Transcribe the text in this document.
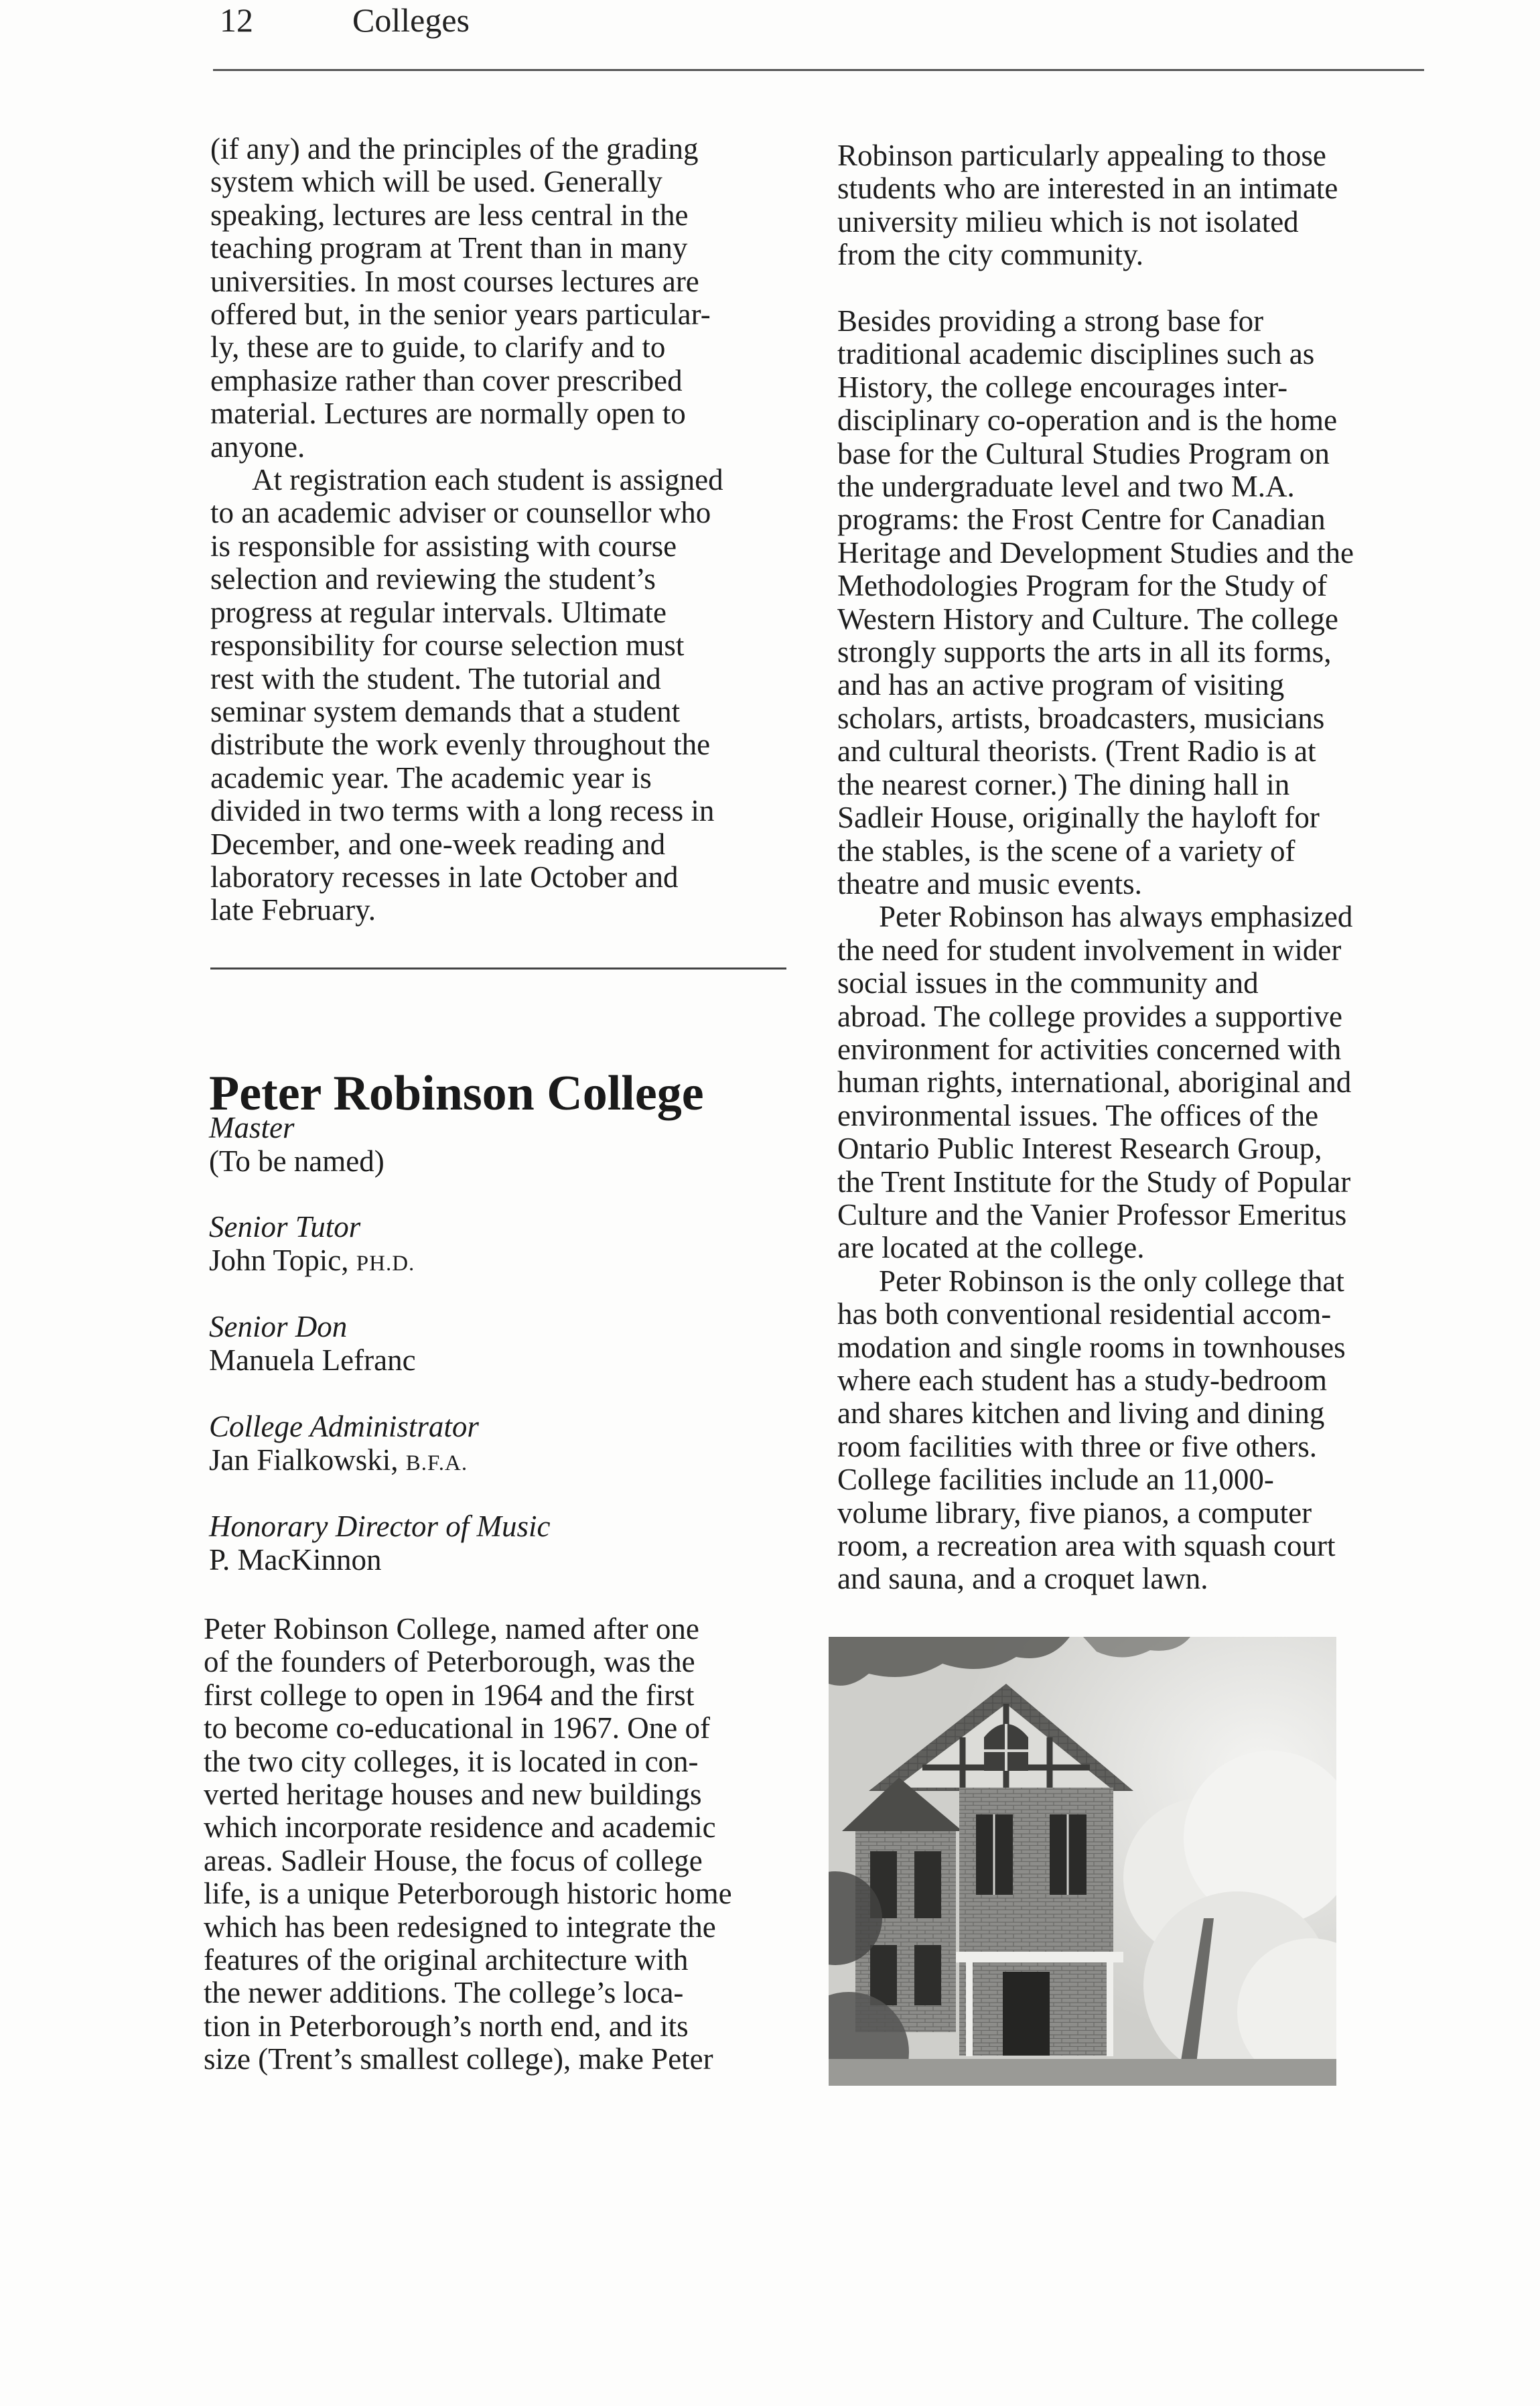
12	Colleges
(if any) and the principles of the grading
system which will be used. Generally
speaking, lectures are less central in the
teaching program at Trent than in many
universities. In most courses lectures are
offered but, in the senior years particular-
ly, these are to guide, to clarify and to
emphasize rather than cover prescribed
material. Lectures are normally open to
anyone.
At registration each student is assigned
to an academic adviser or counsellor who
is responsible for assisting with course
selection and reviewing the student’s
progress at regular intervals. Ultimate
responsibility for course selection must
rest with the student. The tutorial and
seminar system demands that a student
distribute the work evenly throughout the
academic year. The academic year is
divided in two terms with a long recess in
December, and one-week reading and
laboratory recesses in late October and
late February.
Peter Robinson College
Master
(To be named)
Senior Tutor
John Topic, PH.D.
Senior Don
Manuela Lefranc
College Administrator
Jan Fialkowski, B.F.A.
Honorary Director of Music
P. MacKinnon
Peter Robinson College, named after one
of the founders of Peterborough, was the
first college to open in 1964 and the first
to become co-educational in 1967. One of
the two city colleges, it is located in con-
verted heritage houses and new buildings
which incorporate residence and academic
areas. Sadleir House, the focus of college
life, is a unique Peterborough historic home
which has been redesigned to integrate the
features of the original architecture with
the newer additions. The college’s loca-
tion in Peterborough’s north end, and its
size (Trent’s smallest college), make Peter
Robinson particularly appealing to those
students who are interested in an intimate
university milieu which is not isolated
from the city community.
Besides providing a strong base for
traditional academic disciplines such as
History, the college encourages inter-
disciplinary co-operation and is the home
base for the Cultural Studies Program on
the undergraduate level and two M.A.
programs: the Frost Centre for Canadian
Heritage and Development Studies and the
Methodologies Program for the Study of
Western History and Culture. The college
strongly supports the arts in all its forms,
and has an active program of visiting
scholars, artists, broadcasters, musicians
and cultural theorists. (Trent Radio is at
the nearest corner.) The dining hall in
Sadleir House, originally the hayloft for
the stables, is the scene of a variety of
theatre and music events.
Peter Robinson has always emphasized
the need for student involvement in wider
social issues in the community and
abroad. The college provides a supportive
environment for activities concerned with
human rights, international, aboriginal and
environmental issues. The offices of the
Ontario Public Interest Research Group,
the Trent Institute for the Study of Popular
Culture and the Vanier Professor Emeritus
are located at the college.
Peter Robinson is the only college that
has both conventional residential accom-
modation and single rooms in townhouses
where each student has a study-bedroom
and shares kitchen and living and dining
room facilities with three or five others.
College facilities include an 11,000-
volume library, five pianos, a computer
room, a recreation area with squash court
and sauna, and a croquet lawn.
